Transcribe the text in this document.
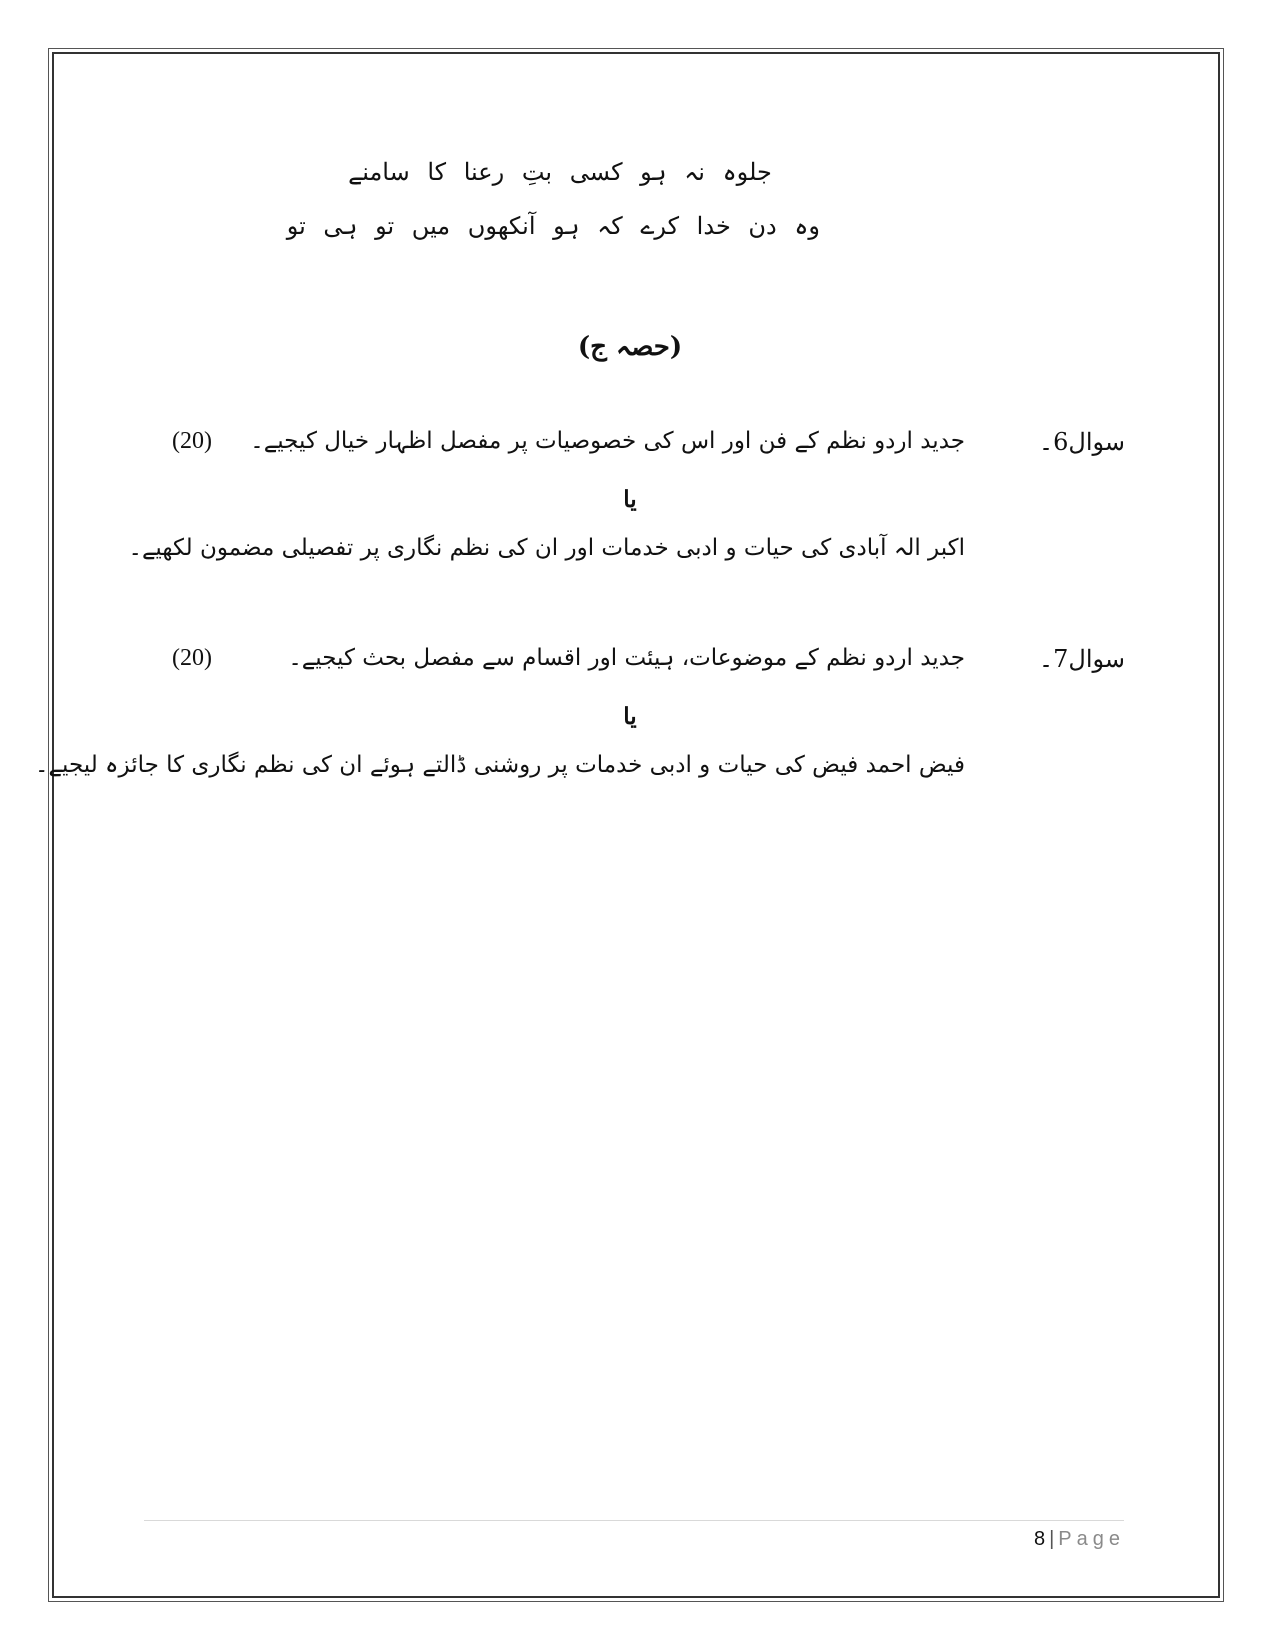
جلوہ نہ ہو کسی بتِ رعنا کا سامنے
وہ دن خدا کرے کہ ہو آنکھوں میں تو ہی تو
(حصہ ج)
سوال6۔
جدید اردو نظم کے فن اور اس کی خصوصیات پر مفصل اظہار خیال کیجیے۔
(20)
یا
اکبر الہ آبادی کی حیات و ادبی خدمات اور ان کی نظم نگاری پر تفصیلی مضمون لکھیے۔
سوال7۔
جدید اردو نظم کے موضوعات، ہیئت اور اقسام سے مفصل بحث کیجیے۔
(20)
یا
فیض احمد فیض کی حیات و ادبی خدمات پر روشنی ڈالتے ہوئے ان کی نظم نگاری کا جائزہ لیجیے۔
8 | Page
